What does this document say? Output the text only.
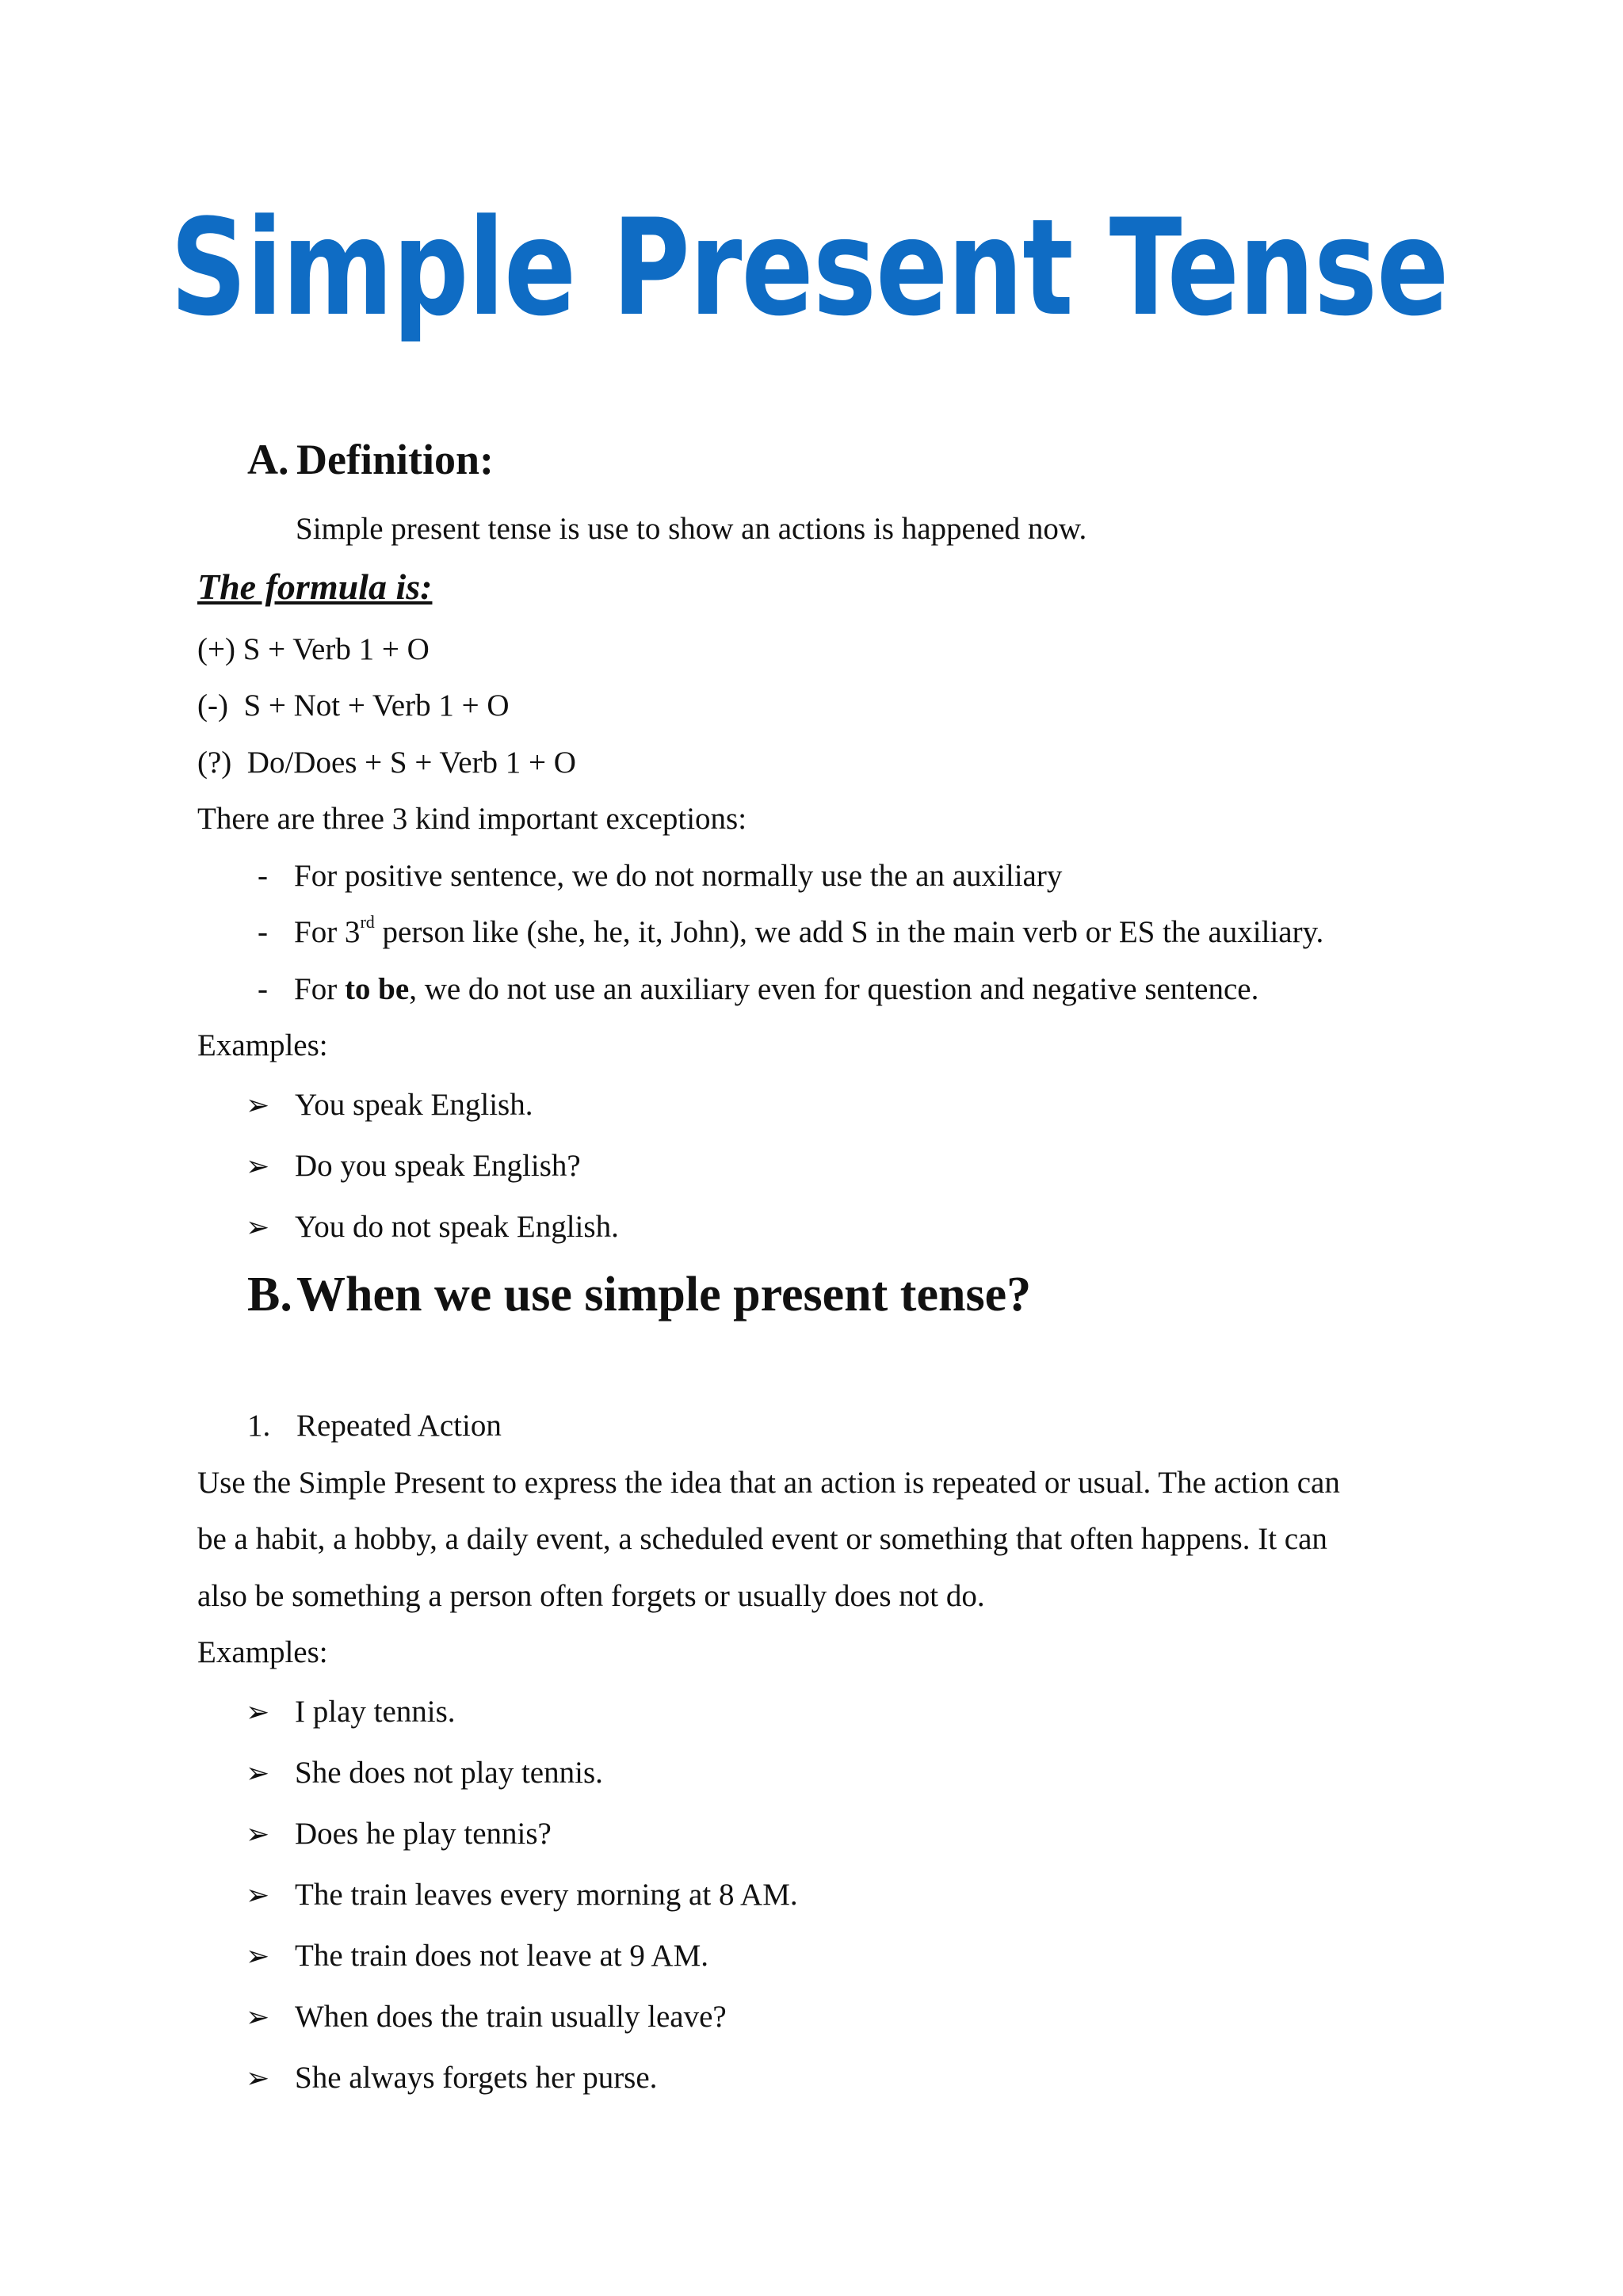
Simple Present Tense
A. Definition:
Simple present tense is use to show an actions is happened now.
The formula is:
(+) S + Verb 1 + O
(-)  S + Not + Verb 1 + O
(?)  Do/Does + S + Verb 1 + O
There are three 3 kind important exceptions:
- For positive sentence, we do not normally use the an auxiliary
- For 3rd person like (she, he, it, John), we add S in the main verb or ES the auxiliary.
- For to be, we do not use an auxiliary even for question and negative sentence.
Examples:
➢ You speak English.
➢ Do you speak English?
➢ You do not speak English.
B.When we use simple present tense?
1. Repeated Action
Use the Simple Present to express the idea that an action is repeated or usual. The action can
be a habit, a hobby, a daily event, a scheduled event or something that often happens. It can
also be something a person often forgets or usually does not do.
Examples:
➢ I play tennis.
➢ She does not play tennis.
➢ Does he play tennis?
➢ The train leaves every morning at 8 AM.
➢ The train does not leave at 9 AM.
➢ When does the train usually leave?
➢ She always forgets her purse.
